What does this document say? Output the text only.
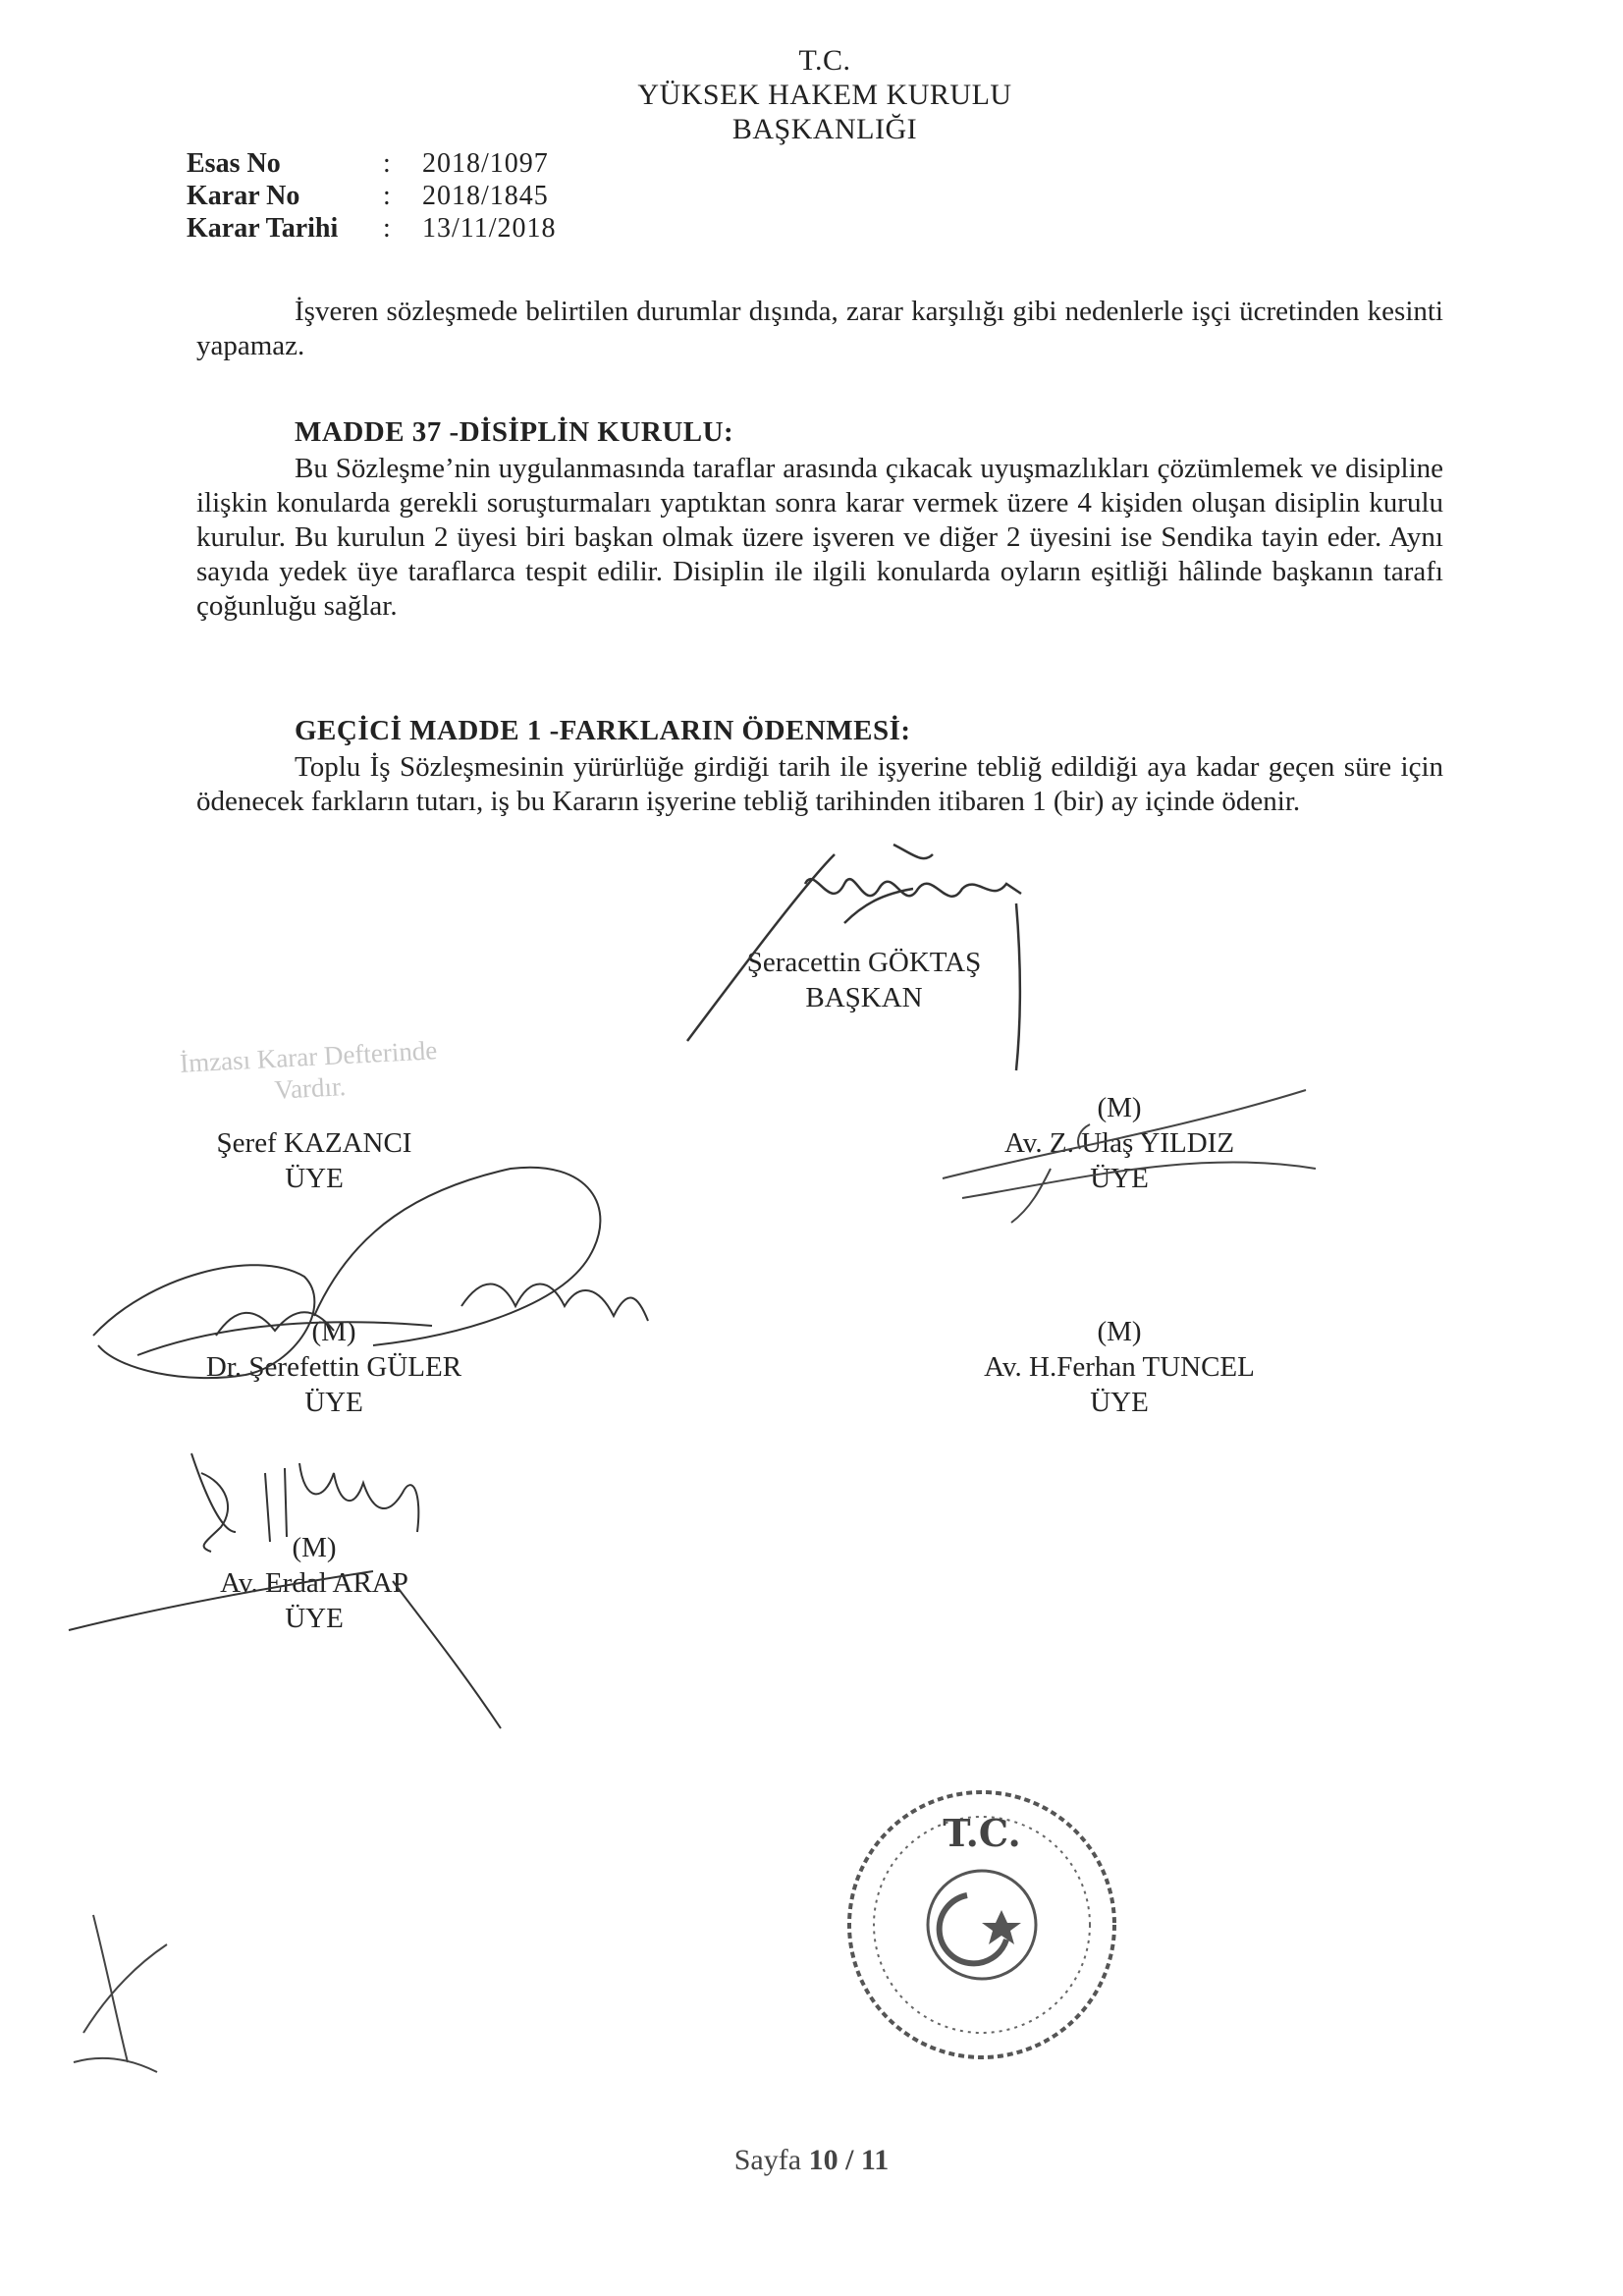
T.C.
YÜKSEK HAKEM KURULU
BAŞKANLIĞI
Esas No	:	2018/1097
Karar No	:	2018/1845
Karar Tarihi	:	13/11/2018

İşveren sözleşmede belirtilen durumlar dışında, zarar karşılığı gibi nedenlerle işçi ücretinden kesinti yapamaz.

MADDE 37 -DİSİPLİN KURULU:

Bu Sözleşme’nin uygulanmasında taraflar arasında çıkacak uyuşmazlıkları çözümlemek ve disipline ilişkin konularda gerekli soruşturmaları yaptıktan sonra karar vermek üzere 4 kişiden oluşan disiplin kurulu kurulur. Bu kurulun 2 üyesi biri başkan olmak üzere işveren ve diğer 2 üyesini ise Sendika tayin eder. Aynı sayıda yedek üye taraflarca tespit edilir. Disiplin ile ilgili konularda oyların eşitliği hâlinde başkanın tarafı çoğunluğu sağlar.

GEÇİCİ MADDE 1 -FARKLARIN ÖDENMESİ:

Toplu İş Sözleşmesinin yürürlüğe girdiği tarih ile işyerine tebliğ edildiği aya kadar geçen süre için ödenecek farkların tutarı, iş bu Kararın işyerine tebliğ tarihinden itibaren 1 (bir) ay içinde ödenir.

İmzası Karar Defterinde
Vardır.
Şeracettin GÖKTAŞ
BAŞKAN
Şeref KAZANCI
ÜYE
(M)
Av. Z. Ulaş YILDIZ
ÜYE
(M)
Dr. Şerefettin GÜLER
ÜYE
(M)
Av. H.Ferhan TUNCEL
ÜYE
(M)
Av. Erdal ARAP
ÜYE
T.C.
Sayfa 10 / 11
